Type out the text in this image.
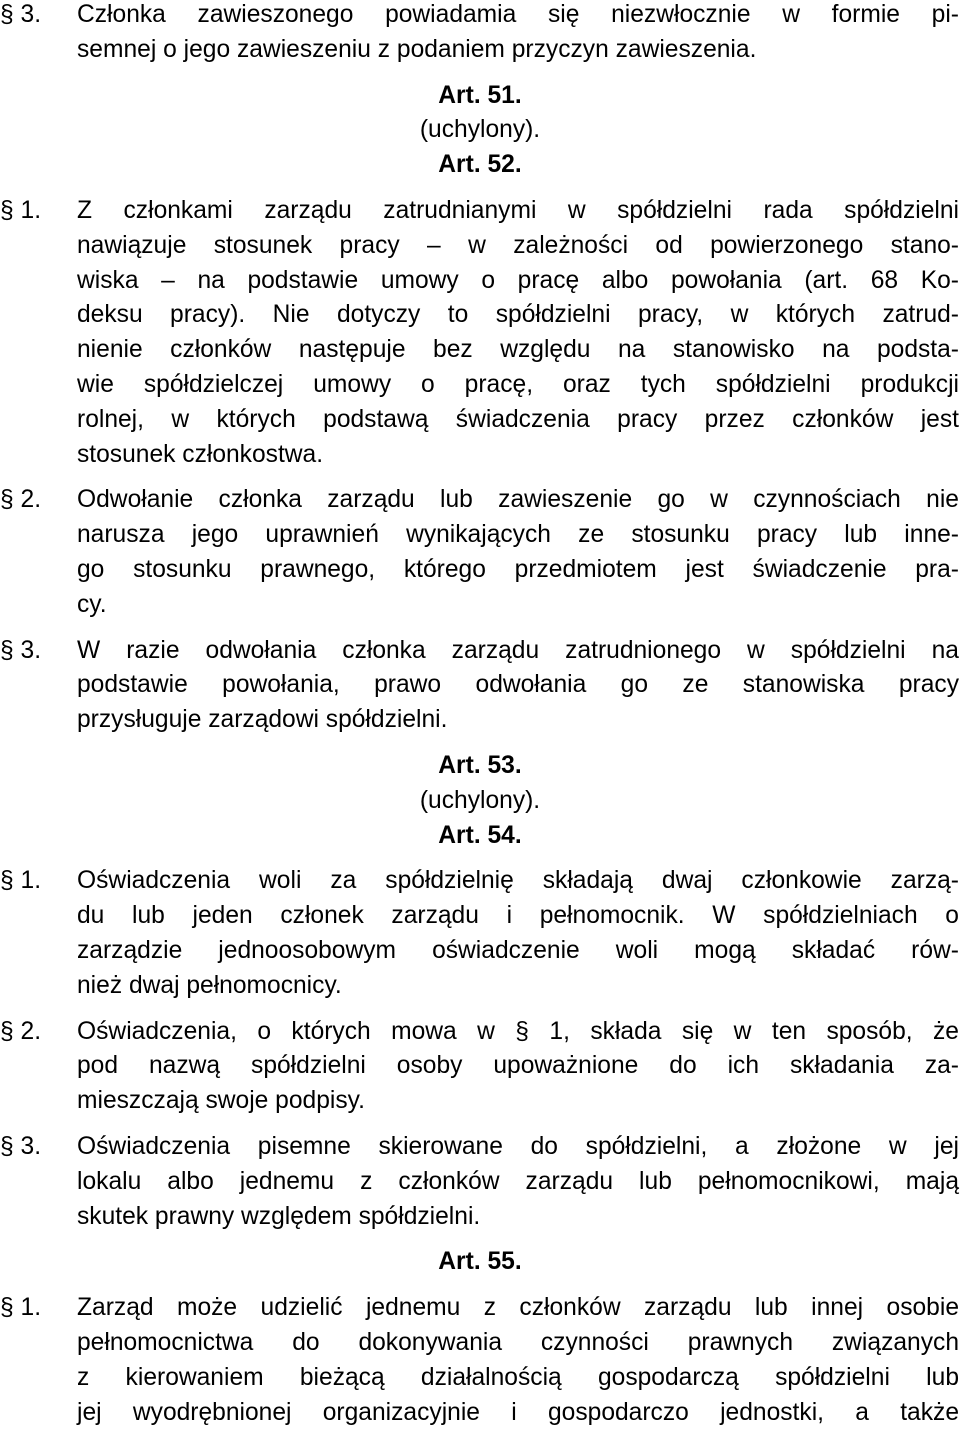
§ 3. Członka zawieszonego powiadamia się niezwłocznie w formie pi-
semnej o jego zawieszeniu z podaniem przyczyn zawieszenia.
Art. 51.
(uchylony).
Art. 52.
§ 1. Z członkami zarządu zatrudnianymi w spółdzielni rada spółdzielni
nawiązuje stosunek pracy – w zależności od powierzonego stano-
wiska – na podstawie umowy o pracę albo powołania (art. 68 Ko-
deksu pracy). Nie dotyczy to spółdzielni pracy, w których zatrud-
nienie członków następuje bez względu na stanowisko na podsta-
wie spółdzielczej umowy o pracę, oraz tych spółdzielni produkcji
rolnej, w których podstawą świadczenia pracy przez członków jest
stosunek członkostwa.
§ 2. Odwołanie członka zarządu lub zawieszenie go w czynnościach nie
narusza jego uprawnień wynikających ze stosunku pracy lub inne-
go stosunku prawnego, którego przedmiotem jest świadczenie pra-
cy.
§ 3. W razie odwołania członka zarządu zatrudnionego w spółdzielni na
podstawie powołania, prawo odwołania go ze stanowiska pracy
przysługuje zarządowi spółdzielni.
Art. 53.
(uchylony).
Art. 54.
§ 1. Oświadczenia woli za spółdzielnię składają dwaj członkowie zarzą-
du lub jeden członek zarządu i pełnomocnik. W spółdzielniach o
zarządzie jednoosobowym oświadczenie woli mogą składać rów-
nież dwaj pełnomocnicy.
§ 2. Oświadczenia, o których mowa w § 1, składa się w ten sposób, że
pod nazwą spółdzielni osoby upoważnione do ich składania za-
mieszczają swoje podpisy.
§ 3. Oświadczenia pisemne skierowane do spółdzielni, a złożone w jej
lokalu albo jednemu z członków zarządu lub pełnomocnikowi, mają
skutek prawny względem spółdzielni.
Art. 55.
§ 1. Zarząd może udzielić jednemu z członków zarządu lub innej osobie
pełnomocnictwa do dokonywania czynności prawnych związanych
z kierowaniem bieżącą działalnością gospodarczą spółdzielni lub
jej wyodrębnionej organizacyjnie i gospodarczo jednostki, a także
